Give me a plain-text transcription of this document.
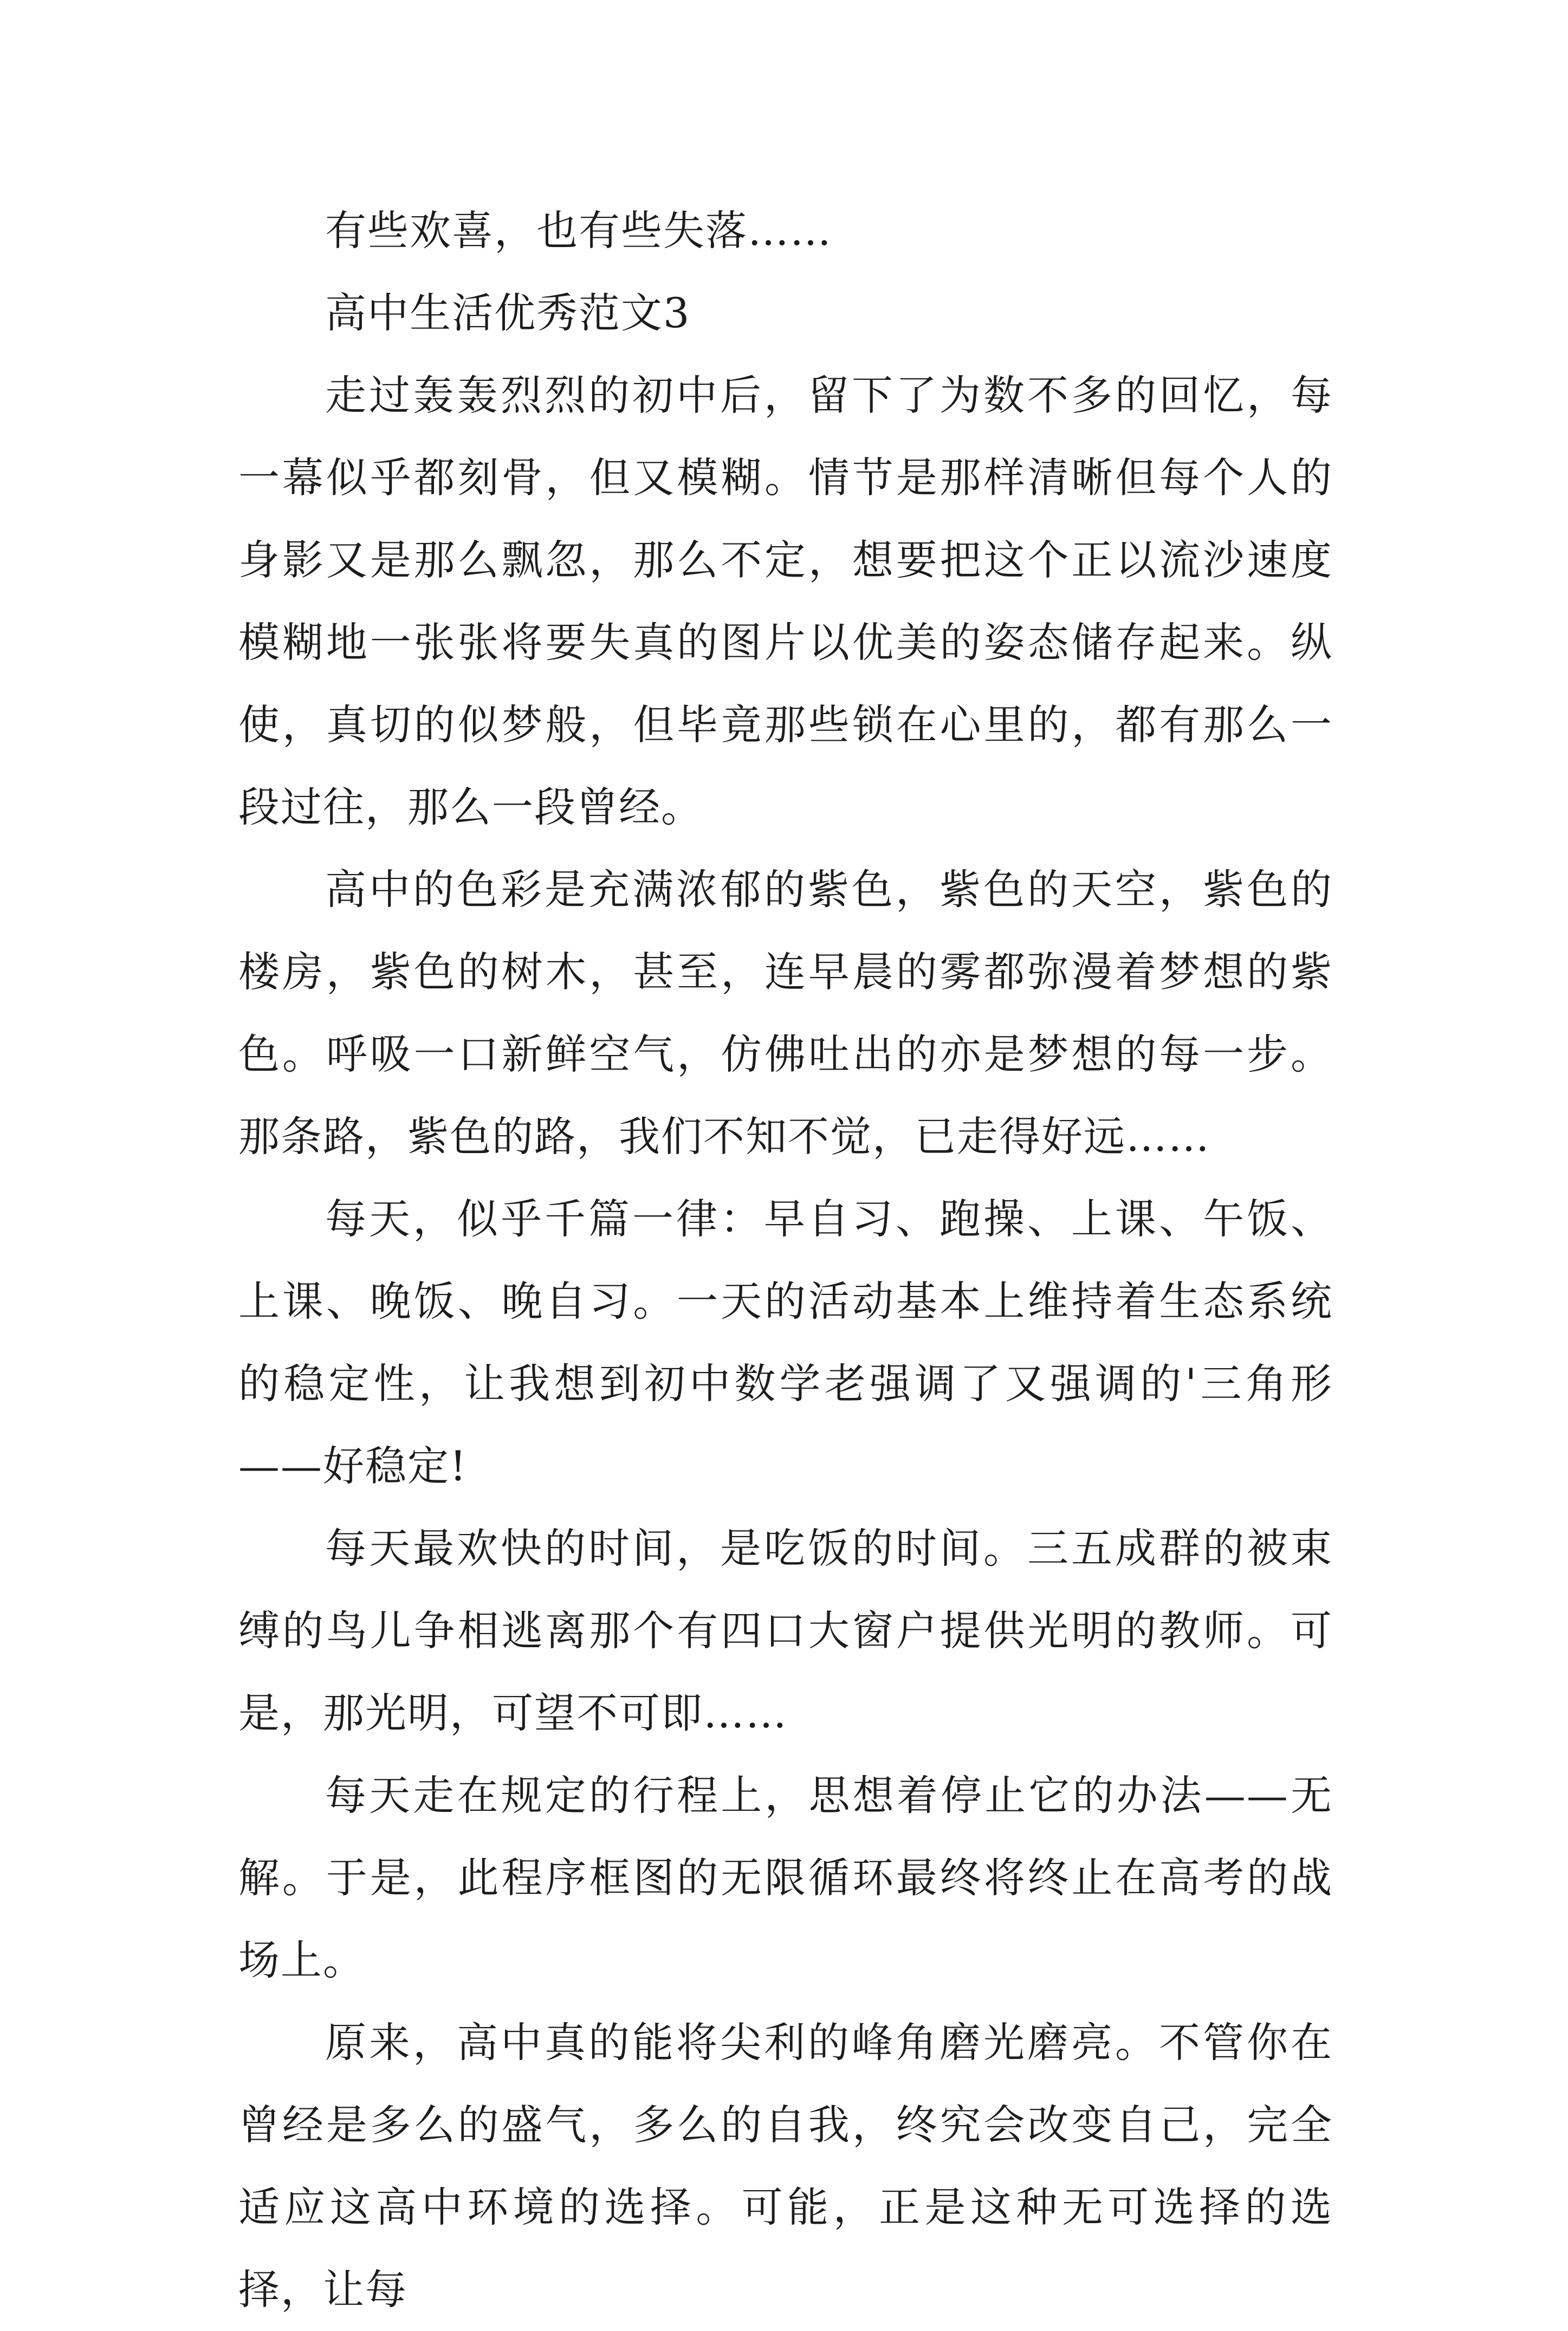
有些欢喜，也有些失落……

高中生活优秀范文3

走过轰轰烈烈的初中后，留下了为数不多的回忆，每一幕似乎都刻骨，但又模糊。情节是那样清晰但每个人的身影又是那么飘忽，那么不定，想要把这个正以流沙速度模糊地一张张将要失真的图片以优美的姿态储存起来。纵使，真切的似梦般，但毕竟那些锁在心里的，都有那么一段过往，那么一段曾经。

高中的色彩是充满浓郁的紫色，紫色的天空，紫色的楼房，紫色的树木，甚至，连早晨的雾都弥漫着梦想的紫色。呼吸一口新鲜空气，仿佛吐出的亦是梦想的每一步。那条路，紫色的路，我们不知不觉，已走得好远……

每天，似乎千篇一律：早自习、跑操、上课、午饭、上课、晚饭、晚自习。一天的活动基本上维持着生态系统的稳定性，让我想到初中数学老强调了又强调的'三角形——好稳定!

每天最欢快的时间，是吃饭的时间。三五成群的被束缚的鸟儿争相逃离那个有四口大窗户提供光明的教师。可是，那光明，可望不可即……

每天走在规定的行程上，思想着停止它的办法——无解。于是，此程序框图的无限循环最终将终止在高考的战场上。

原来，高中真的能将尖利的峰角磨光磨亮。不管你在曾经是多么的盛气，多么的自我，终究会改变自己，完全适应这高中环境的选择。可能，正是这种无可选择的选择，让每
